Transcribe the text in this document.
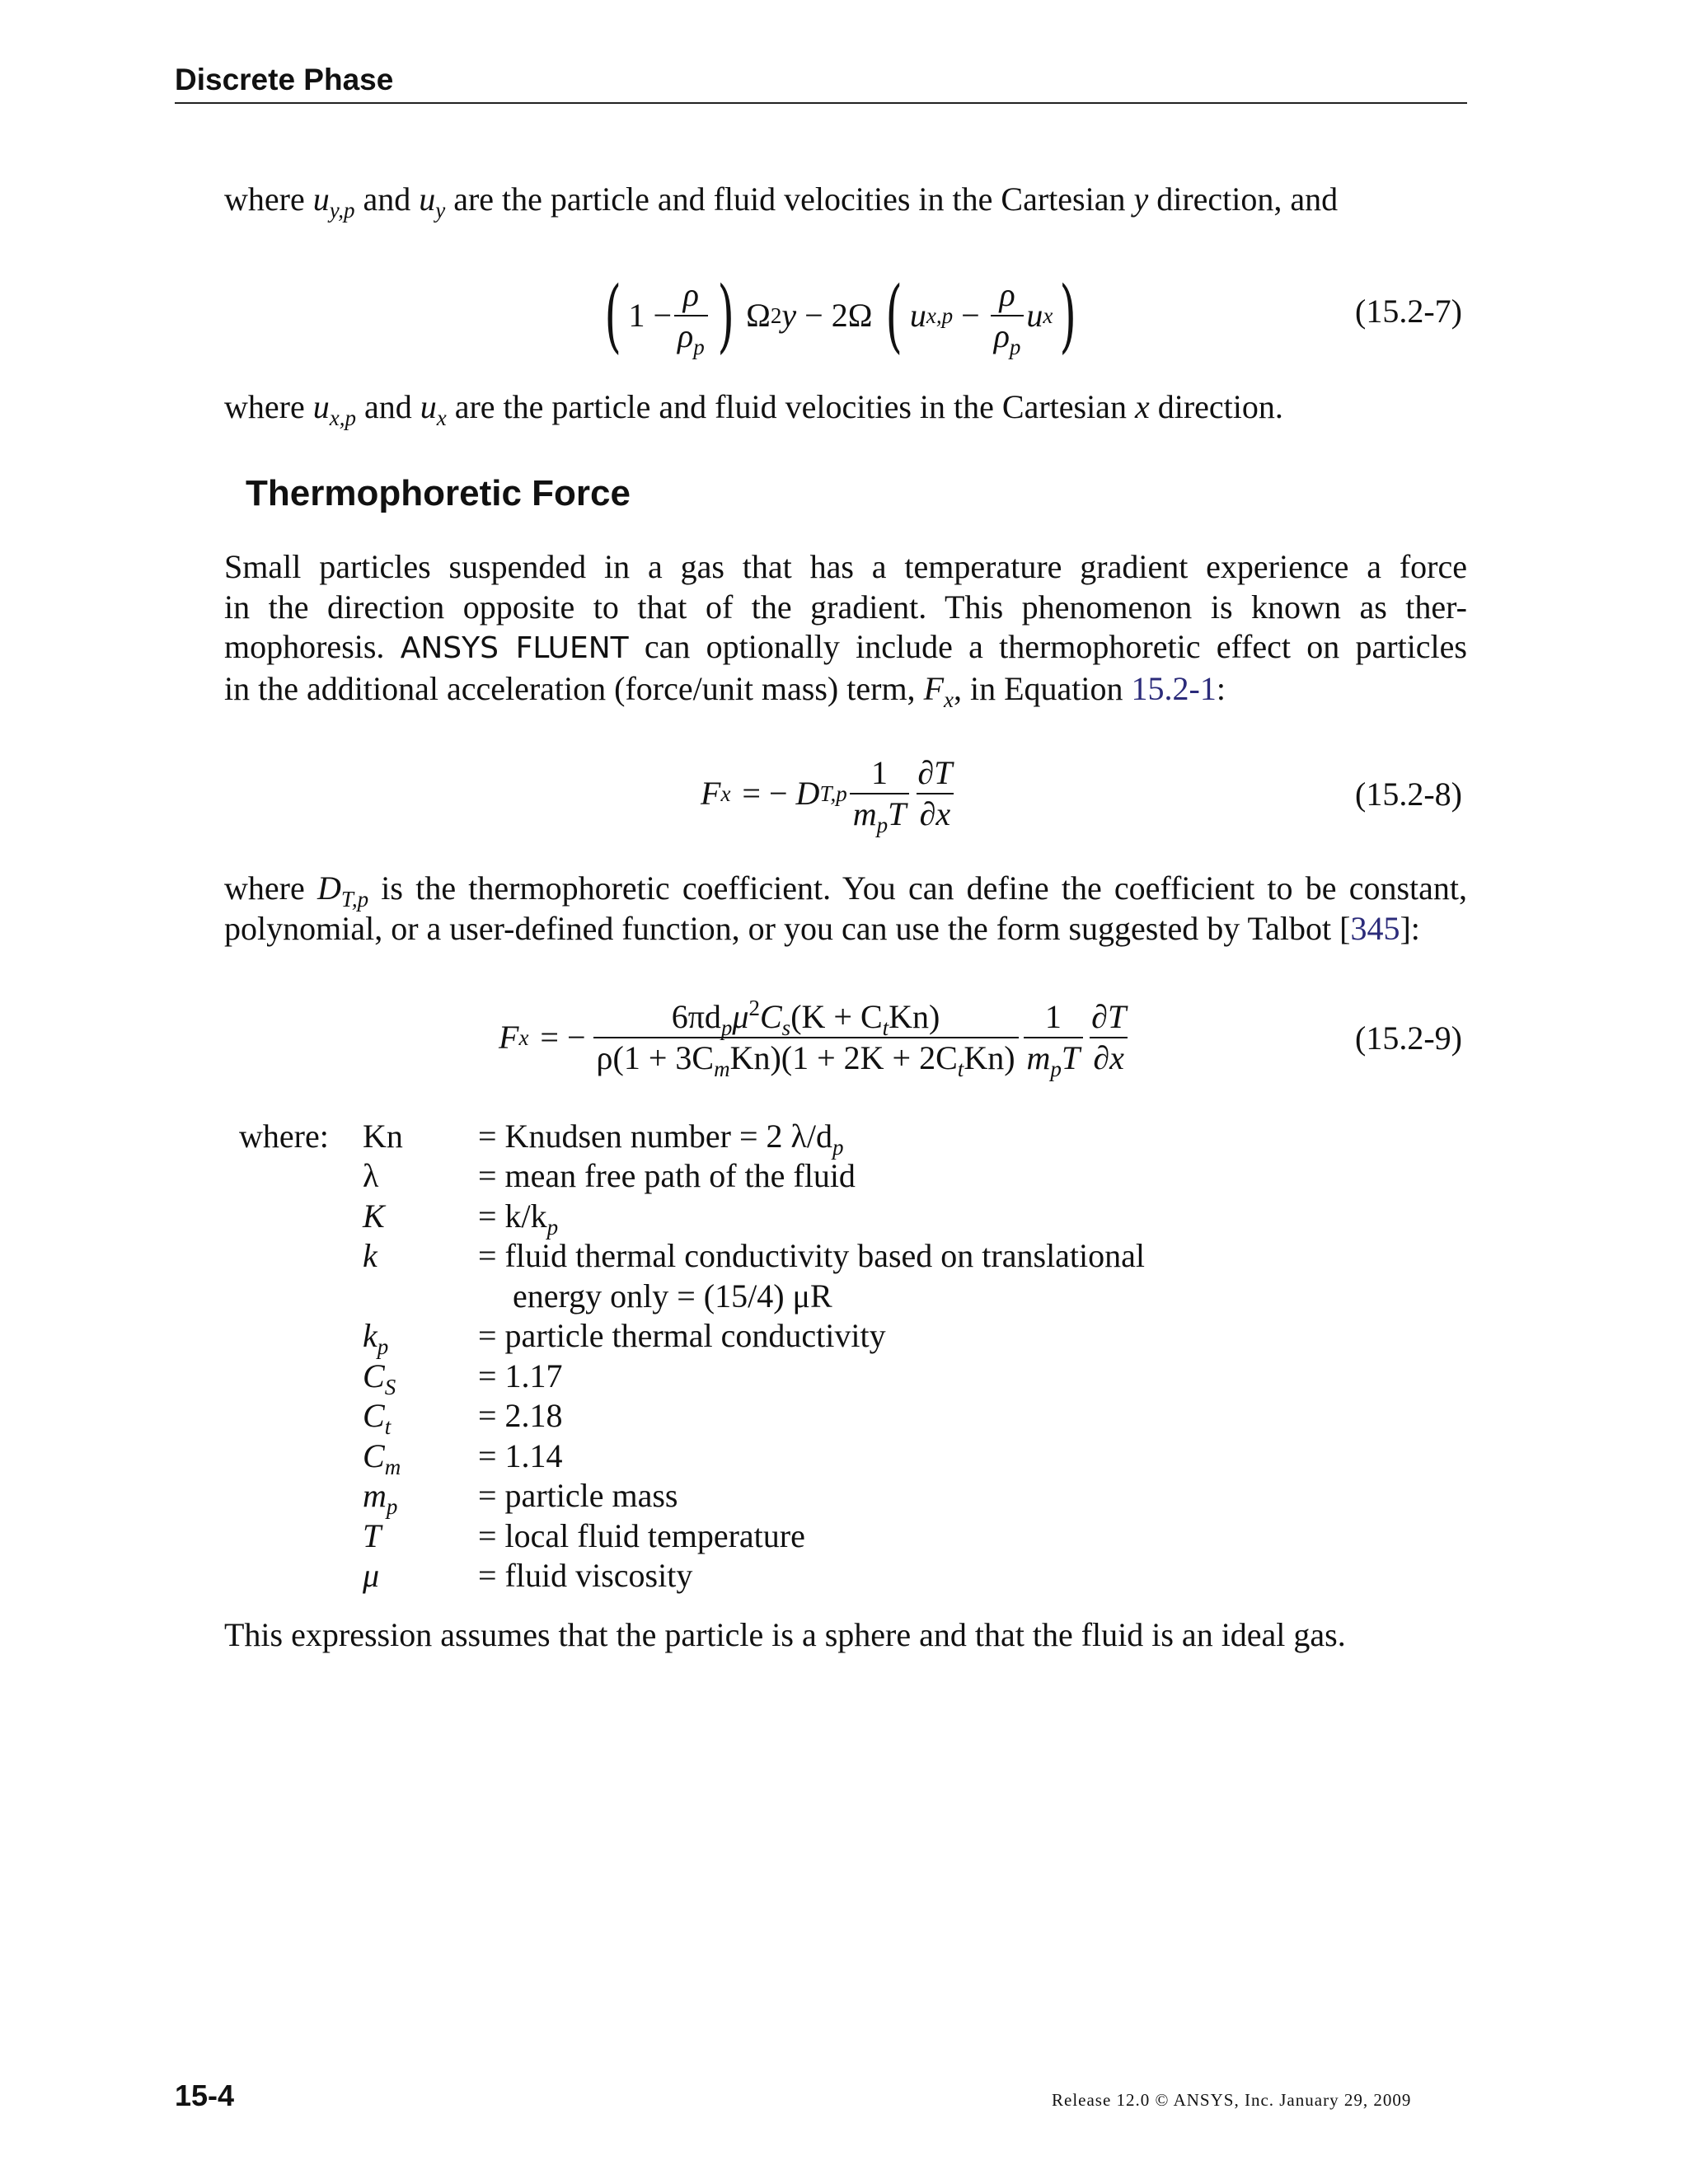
Discrete Phase
where $u_{y,p}$ and $u_y$ are the particle and fluid velocities in the Cartesian y direction, and
( $1 - \frac{\rho}{\rho_p}$ ) Ω 2 y − 2Ω ( u $x,p - \frac{\rho}{\rho_p}$ u x )	(15.2-7)
where $u_{x,p}$ and $u_x$ are the particle and fluid velocities in the Cartesian x direction.
Thermophoretic Force
Small particles suspended in a gas that has a temperature gradient experience a force
in the direction opposite to that of the gradient. This phenomenon is known as ther-
mophoresis. ANSYS FLUENT can optionally include a thermophoretic effect on particles
in the additional acceleration (force/unit mass) term, $F_x$, in Equation 15.2-1:
F x = − D $T,p \frac{1}{m_pT} \frac{\partial T}{\partial x}$	(15.2-8)
where $D_{T,p}$ is the thermophoretic coefficient. You can define the coefficient to be constant,
polynomial, or a user-defined function, or you can use the form suggested by Talbot [345]:
F x = − $\frac{6\pi d_p\mu^2C_s(K + C_tKn)}{\rho(1 + 3C_mKn)(1 + 2K + 2C_tKn)} \frac{1}{m_pT} \frac{\partial T}{\partial x}$	(15.2-9)
where:	Kn	= Knudsen number = 2 $\lambda/d_p$
λ	= mean free path of the fluid
K	= $k/k_p$
k	= fluid thermal conductivity based on translational
energy only = (15/4) μR
$k_p$	= particle thermal conductivity
$C_S$	= 1.17
$C_t$	= 2.18
$C_m$	= 1.14
$m_p$	= particle mass
T	= local fluid temperature
μ	= fluid viscosity
This expression assumes that the particle is a sphere and that the fluid is an ideal gas.
15-4	Release 12.0 © ANSYS, Inc. January 29, 2009
